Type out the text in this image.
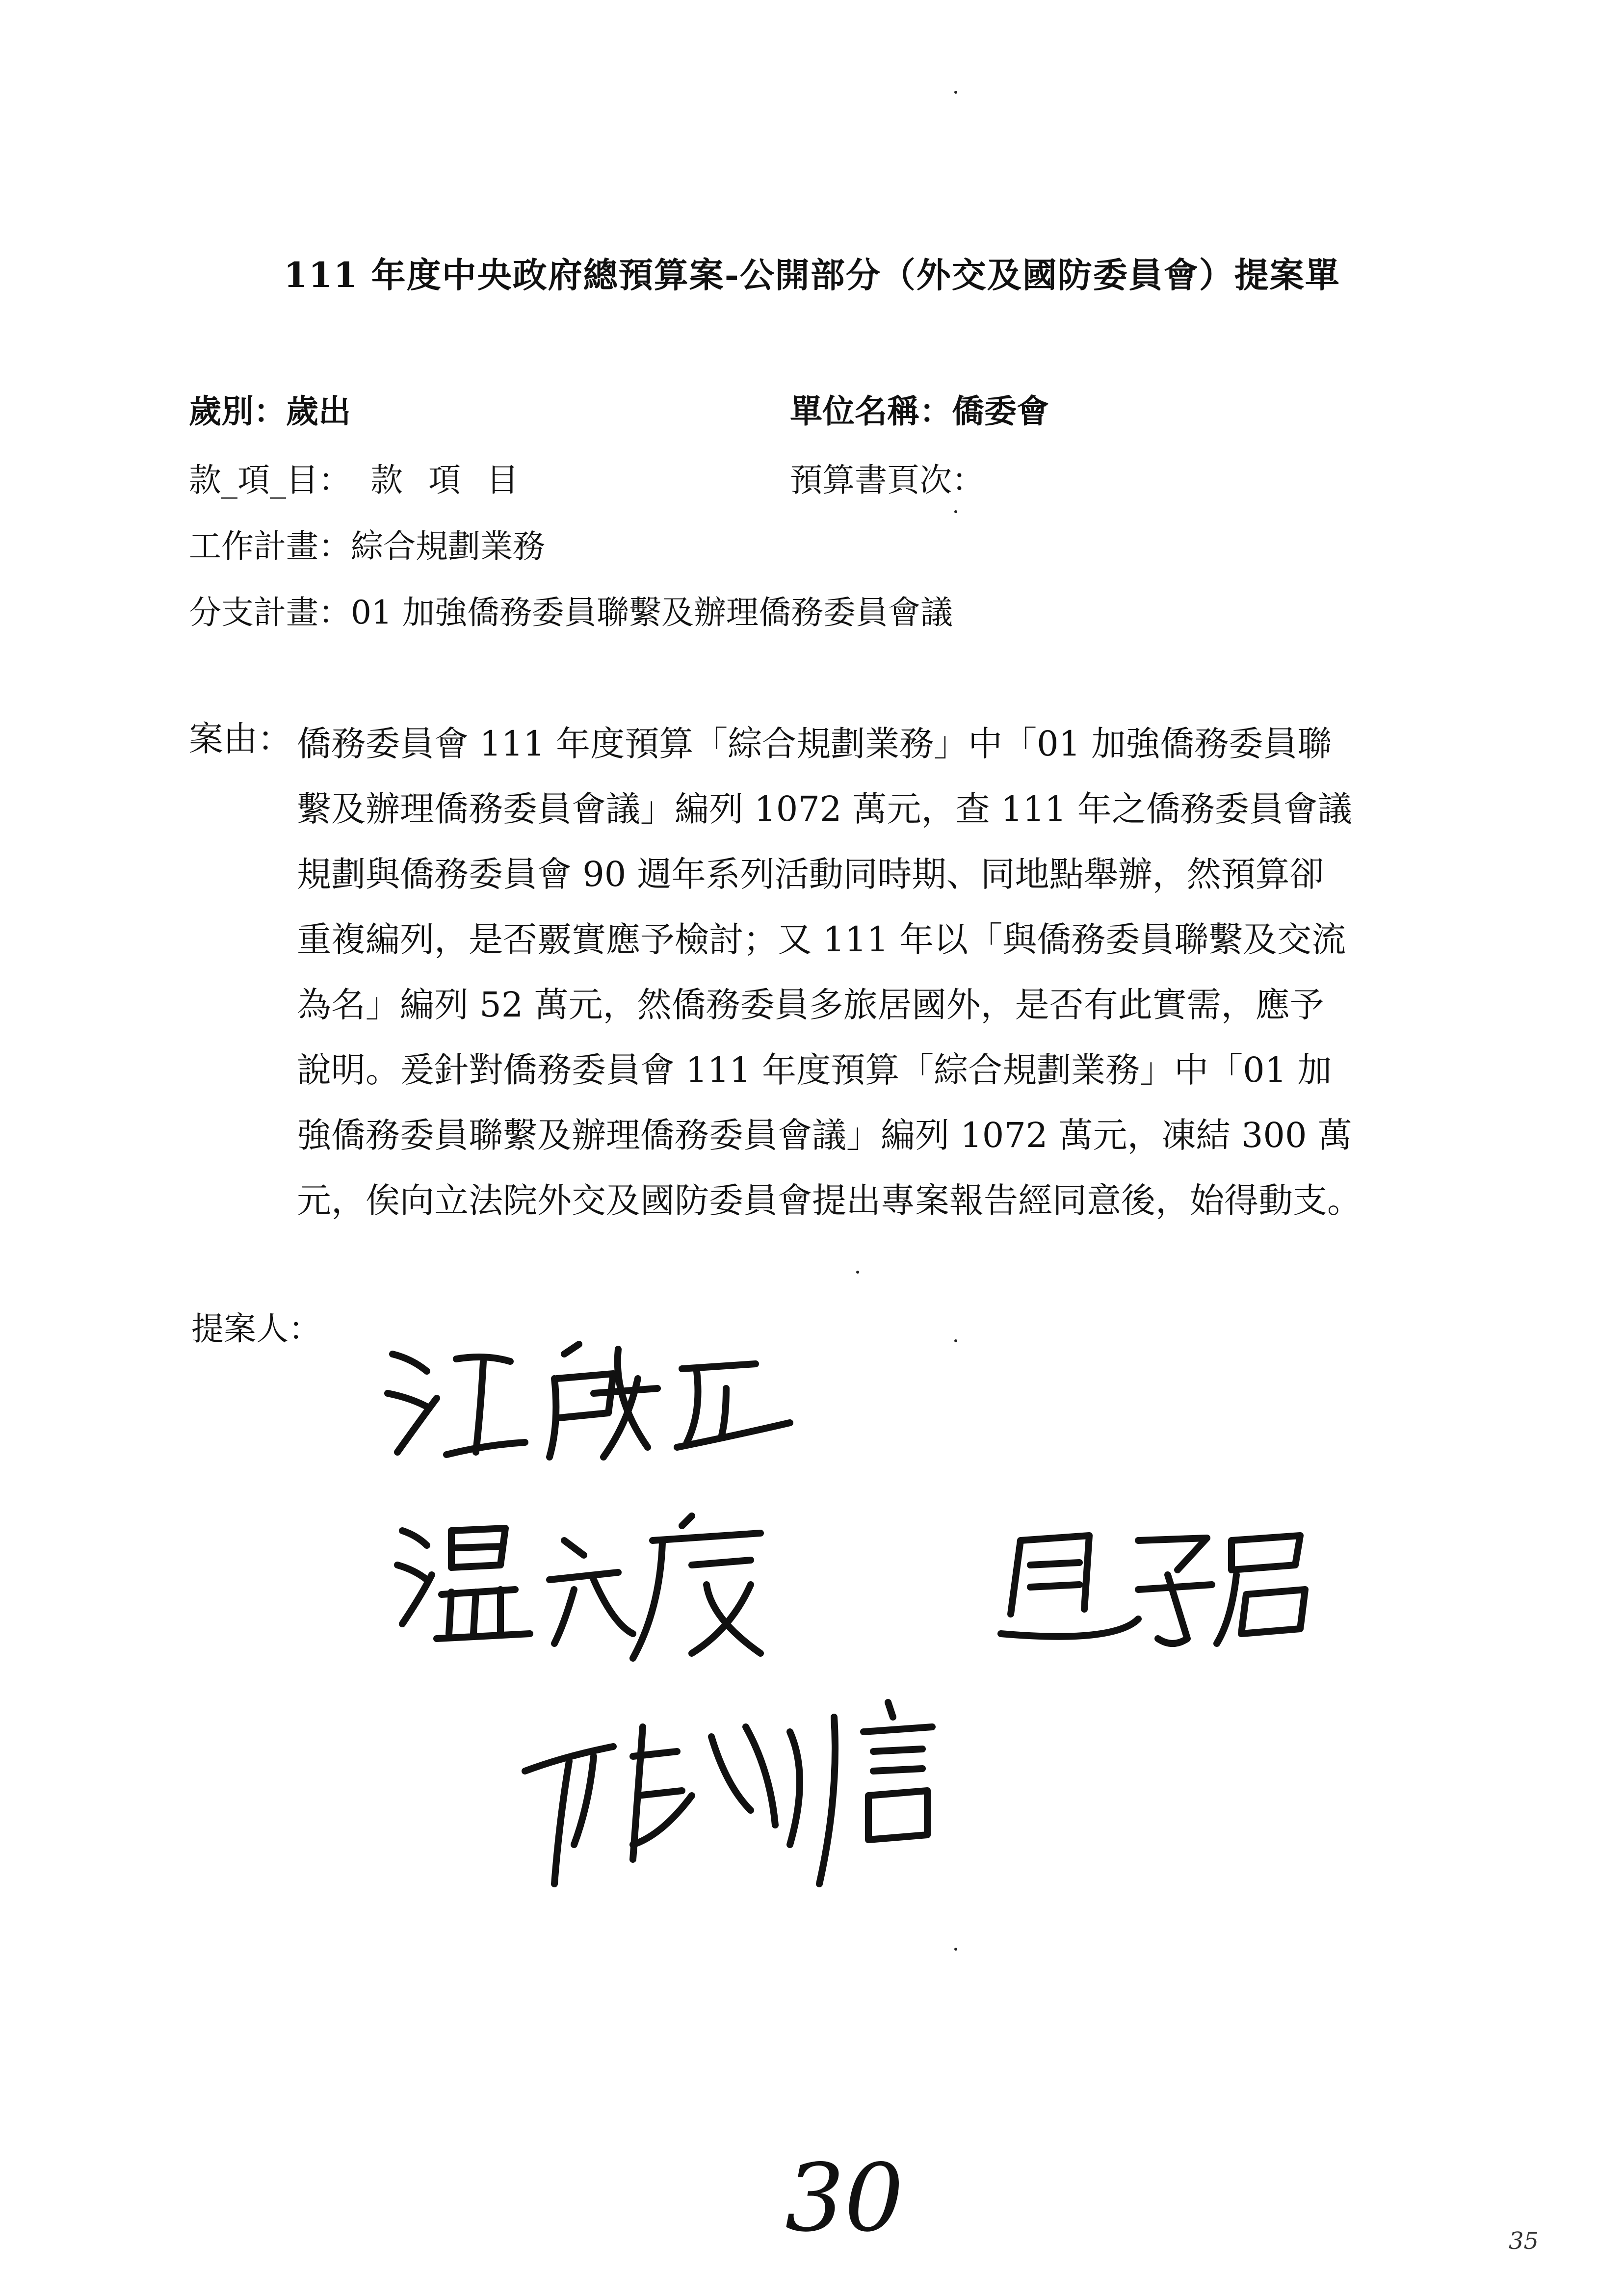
111 年度中央政府總預算案-公開部分（外交及國防委員會）提案單
歲別：歲出	單位名稱：僑委會
款_項_目： 款項目	預算書頁次：
工作計畫：綜合規劃業務
分支計畫：01 加強僑務委員聯繫及辦理僑務委員會議
案由： 僑務委員會 111 年度預算「綜合規劃業務」中「01 加強僑務委員聯
繫及辦理僑務委員會議」編列 1072 萬元，查 111 年之僑務委員會議
規劃與僑務委員會 90 週年系列活動同時期、同地點舉辦，然預算卻
重複編列，是否覈實應予檢討；又 111 年以「與僑務委員聯繫及交流
為名」編列 52 萬元，然僑務委員多旅居國外，是否有此實需，應予
說明。爰針對僑務委員會 111 年度預算「綜合規劃業務」中「01 加
強僑務委員聯繫及辦理僑務委員會議」編列 1072 萬元，凍結 300 萬
元，俟向立法院外交及國防委員會提出專案報告經同意後，始得動支。
提案人：
30	35
